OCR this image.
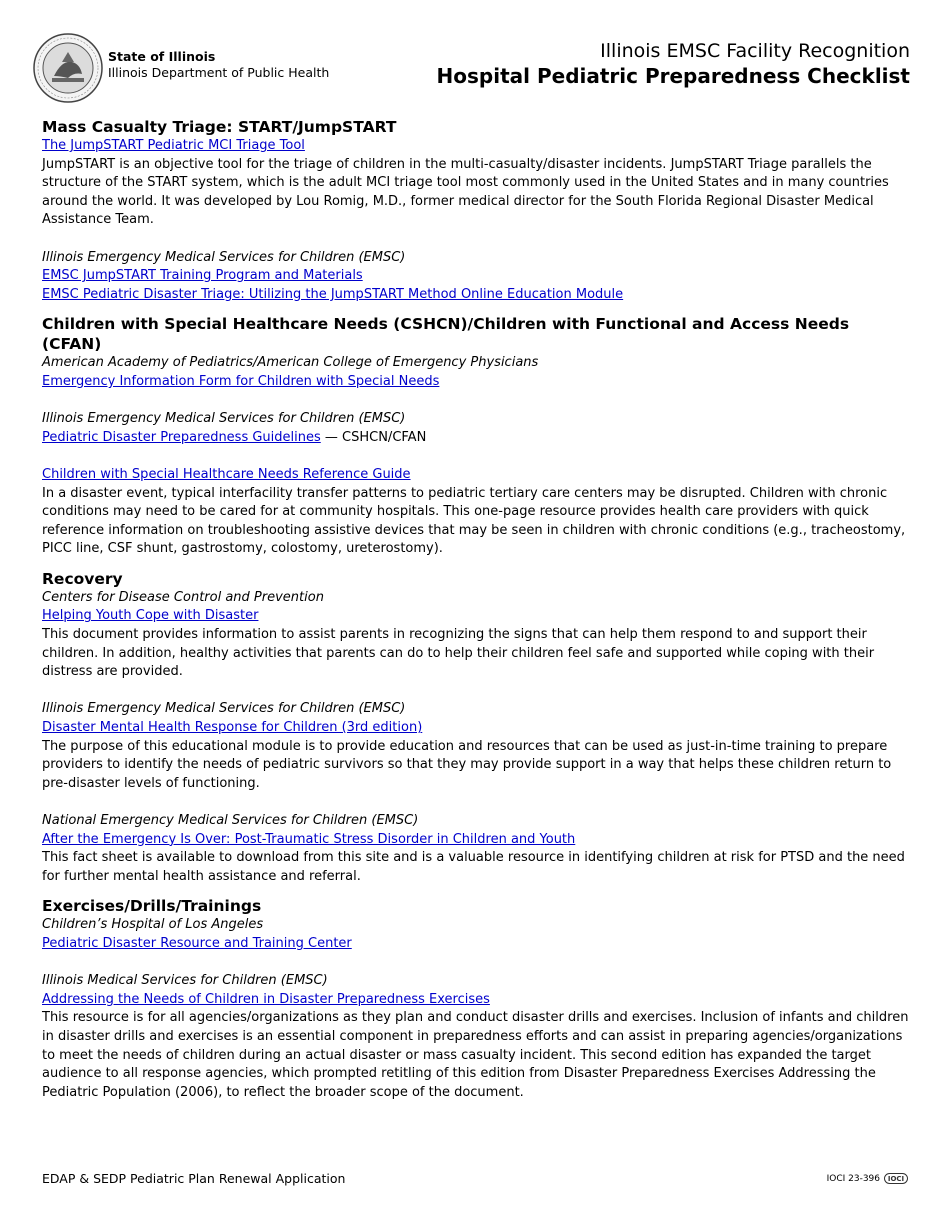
State of Illinois
Illinois Department of Public Health
Illinois EMSC Facility Recognition
Hospital Pediatric Preparedness Checklist
Mass Casualty Triage: START/JumpSTART

The JumpSTART Pediatric MCI Triage Tool

JumpSTART is an objective tool for the triage of children in the multi-casualty/disaster incidents. JumpSTART Triage parallels the structure of the START system, which is the adult MCI triage tool most commonly used in the United States and in many countries around the world. It was developed by Lou Romig, M.D., former medical director for the South Florida Regional Disaster Medical Assistance Team.

Illinois Emergency Medical Services for Children (EMSC)

EMSC JumpSTART Training Program and Materials

EMSC Pediatric Disaster Triage: Utilizing the JumpSTART Method Online Education Module

Children with Special Healthcare Needs (CSHCN)/Children with Functional and Access Needs (CFAN)

American Academy of Pediatrics/American College of Emergency Physicians

Emergency Information Form for Children with Special Needs

Illinois Emergency Medical Services for Children (EMSC)

Pediatric Disaster Preparedness Guidelines — CSHCN/CFAN

Children with Special Healthcare Needs Reference Guide

In a disaster event, typical interfacility transfer patterns to pediatric tertiary care centers may be disrupted. Children with chronic conditions may need to be cared for at community hospitals. This one-page resource provides health care providers with quick reference information on troubleshooting assistive devices that may be seen in children with chronic conditions (e.g., tracheostomy, PICC line, CSF shunt, gastrostomy, colostomy, ureterostomy).

Recovery

Centers for Disease Control and Prevention

Helping Youth Cope with Disaster

This document provides information to assist parents in recognizing the signs that can help them respond to and support their children. In addition, healthy activities that parents can do to help their children feel safe and supported while coping with their distress are provided.

Illinois Emergency Medical Services for Children (EMSC)

Disaster Mental Health Response for Children (3rd edition)

The purpose of this educational module is to provide education and resources that can be used as just-in-time training to prepare providers to identify the needs of pediatric survivors so that they may provide support in a way that helps these children return to pre-disaster levels of functioning.

National Emergency Medical Services for Children (EMSC)

After the Emergency Is Over: Post-Traumatic Stress Disorder in Children and Youth

This fact sheet is available to download from this site and is a valuable resource in identifying children at risk for PTSD and the need for further mental health assistance and referral.

Exercises/Drills/Trainings

Children’s Hospital of Los Angeles

Pediatric Disaster Resource and Training Center

Illinois Medical Services for Children (EMSC)

Addressing the Needs of Children in Disaster Preparedness Exercises

This resource is for all agencies/organizations as they plan and conduct disaster drills and exercises. Inclusion of infants and children in disaster drills and exercises is an essential component in preparedness efforts and can assist in preparing agencies/organizations to meet the needs of children during an actual disaster or mass casualty incident. This second edition has expanded the target audience to all response agencies, which prompted retitling of this edition from Disaster Preparedness Exercises Addressing the Pediatric Population (2006), to reflect the broader scope of the document.

EDAP & SEDP Pediatric Plan Renewal Application	IOCI 23-396 IOCI
